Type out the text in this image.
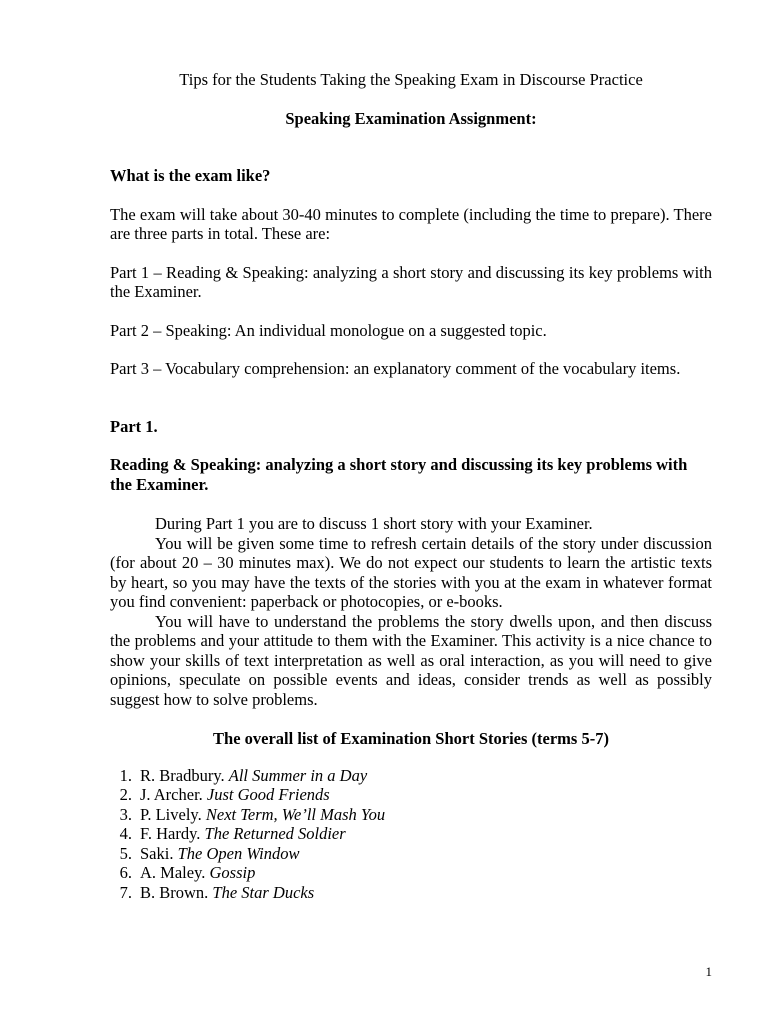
Tips for the Students Taking the Speaking Exam in Discourse Practice

Speaking Examination Assignment:

What is the exam like?

The exam will take about 30-40 minutes to complete (including the time to prepare). There are three parts in total. These are:

Part 1 – Reading & Speaking: analyzing a short story and discussing its key problems with the Examiner.

Part 2 – Speaking: An individual monologue on a suggested topic.

Part 3 – Vocabulary comprehension: an explanatory comment of the vocabulary items.

Part 1.

Reading & Speaking: analyzing a short story and discussing its key problems with the Examiner.

During Part 1 you are to discuss 1 short story with your Examiner.

You will be given some time to refresh certain details of the story under discussion (for about 20 – 30 minutes max). We do not expect our students to learn the artistic texts by heart, so you may have the texts of the stories with you at the exam in whatever format you find convenient: paperback or photocopies, or e-books.

You will have to understand the problems the story dwells upon, and then discuss the problems and your attitude to them with the Examiner. This activity is a nice chance to show your skills of text interpretation as well as oral interaction, as you will need to give opinions, speculate on possible events and ideas, consider trends as well as possibly suggest how to solve problems.

The overall list of Examination Short Stories (terms 5-7)

1. R. Bradbury. All Summer in a Day
2. J. Archer. Just Good Friends
3. P. Lively. Next Term, We’ll Mash You
4. F. Hardy. The Returned Soldier
5. Saki. The Open Window
6. A. Maley. Gossip
7. B. Brown. The Star Ducks
1
